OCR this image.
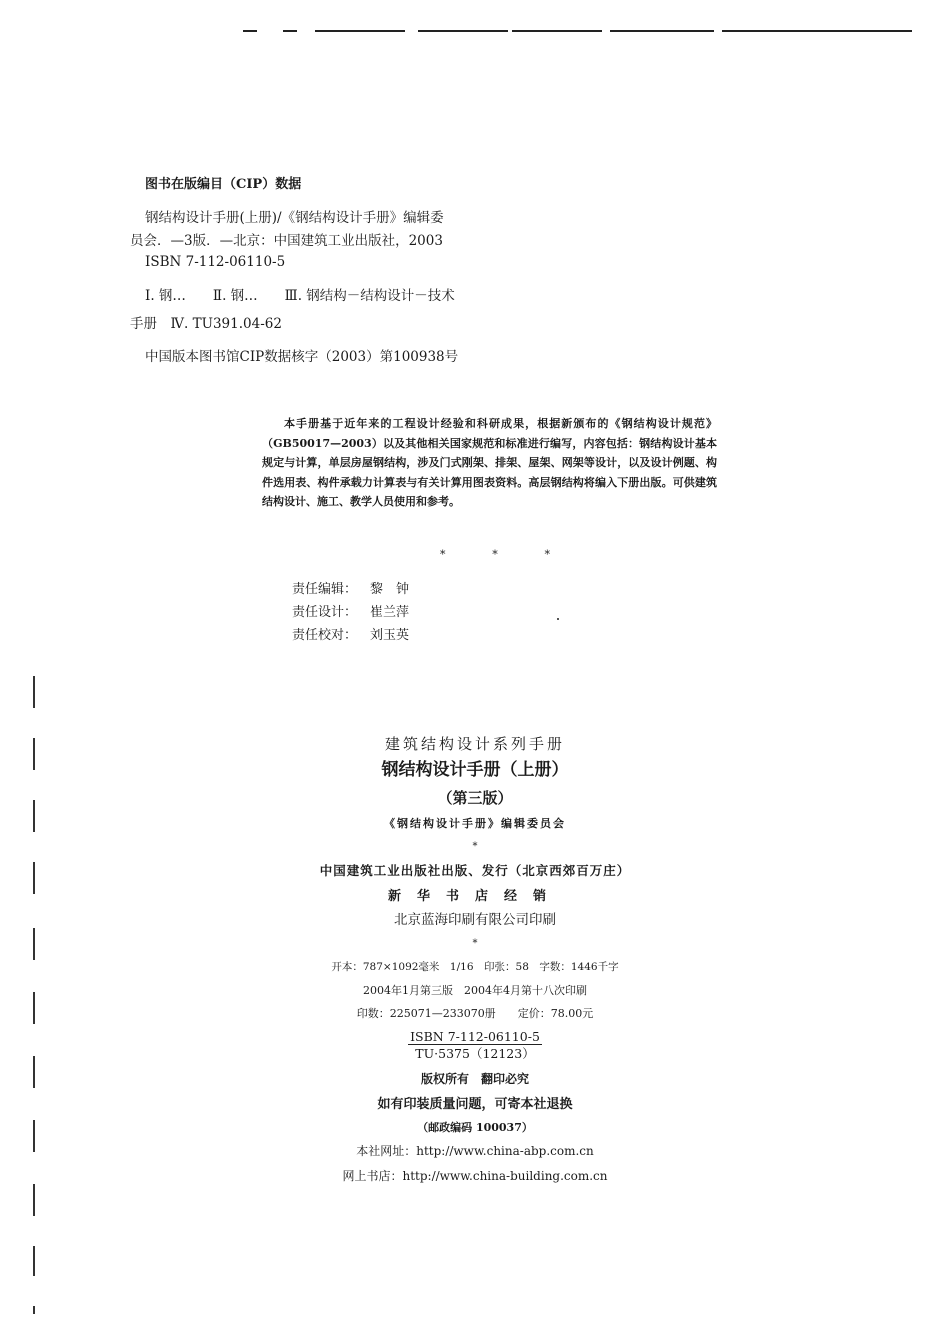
图书在版编目（CIP）数据
钢结构设计手册(上册)/《钢结构设计手册》编辑委
员会．—3版．—北京：中国建筑工业出版社，2003
ISBN 7-112-06110-5
Ⅰ. 钢…　　Ⅱ. 钢…　　Ⅲ. 钢结构－结构设计－技术
手册　Ⅳ. TU391.04-62
中国版本图书馆CIP数据核字（2003）第100938号

本手册基于近年来的工程设计经验和科研成果，根据新颁布的《钢结构设计规范》（GB50017—2003）以及其他相关国家规范和标准进行编写，内容包括：钢结构设计基本规定与计算，单层房屋钢结构，涉及门式刚架、排架、屋架、网架等设计，以及设计例题、构件选用表、构件承载力计算表与有关计算用图表资料。高层钢结构将编入下册出版。可供建筑结构设计、施工、教学人员使用和参考。

*	*	*
责任编辑： 黎　钟
责任设计： 崔兰萍
责任校对： 刘玉英
建筑结构设计系列手册
钢结构设计手册（上册）
（第三版）
《钢结构设计手册》编辑委员会
*
中国建筑工业出版社出版、发行（北京西郊百万庄）
新华书店经销
北京蓝海印刷有限公司印刷
*
开本：787×1092毫米　1/16　印张：58　字数：1446千字
2004年1月第三版　2004年4月第十八次印刷
印数：225071—233070册　　定价：78.00元
ISBN 7-112-06110-5
TU·5375（12123）
版权所有　翻印必究
如有印装质量问题，可寄本社退换
（邮政编码 100037）
本社网址：http://www.china-abp.com.cn
网上书店：http://www.china-building.com.cn
